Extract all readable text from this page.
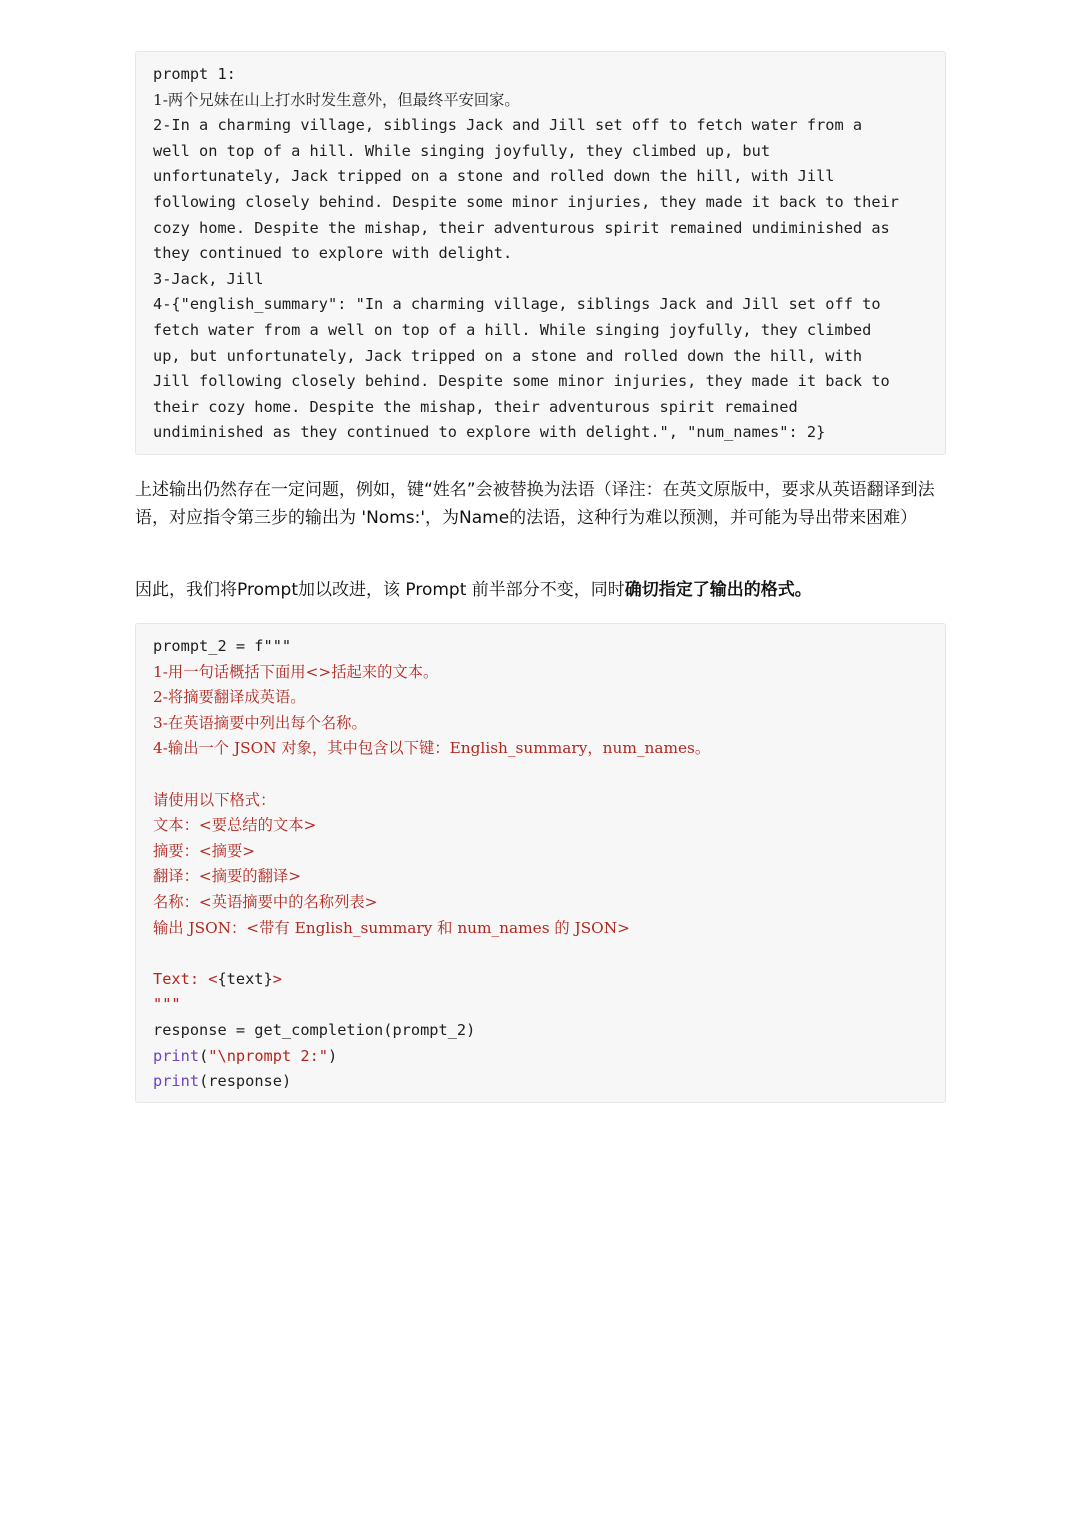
prompt 1:
1-两个兄妹在山上打水时发生意外，但最终平安回家。
2-In a charming village, siblings Jack and Jill set off to fetch water from a
well on top of a hill. While singing joyfully, they climbed up, but
unfortunately, Jack tripped on a stone and rolled down the hill, with Jill
following closely behind. Despite some minor injuries, they made it back to their
cozy home. Despite the mishap, their adventurous spirit remained undiminished as
they continued to explore with delight.
3-Jack, Jill
4-{"english_summary": "In a charming village, siblings Jack and Jill set off to
fetch water from a well on top of a hill. While singing joyfully, they climbed
up, but unfortunately, Jack tripped on a stone and rolled down the hill, with
Jill following closely behind. Despite some minor injuries, they made it back to
their cozy home. Despite the mishap, their adventurous spirit remained
undiminished as they continued to explore with delight.", "num_names": 2}

上述输出仍然存在一定问题，例如，键“姓名”会被替换为法语（译注：在英文原版中，要求从英语翻译到法语，对应指令第三步的输出为 'Noms:'，为Name的法语，这种行为难以预测，并可能为导出带来困难）

因此，我们将Prompt加以改进，该 Prompt 前半部分不变，同时确切指定了输出的格式。

prompt_2 = f"""
1-用一句话概括下面用<>括起来的文本。
2-将摘要翻译成英语。
3-在英语摘要中列出每个名称。
4-输出一个 JSON 对象，其中包含以下键：English_summary，num_names。
请使用以下格式：
文本：<要总结的文本>
摘要：<摘要>
翻译：<摘要的翻译>
名称：<英语摘要中的名称列表>
输出 JSON：<带有 English_summary 和 num_names 的 JSON>
Text: <{text}>
"""
response = get_completion(prompt_2)
print("\nprompt 2:")
print(response)
